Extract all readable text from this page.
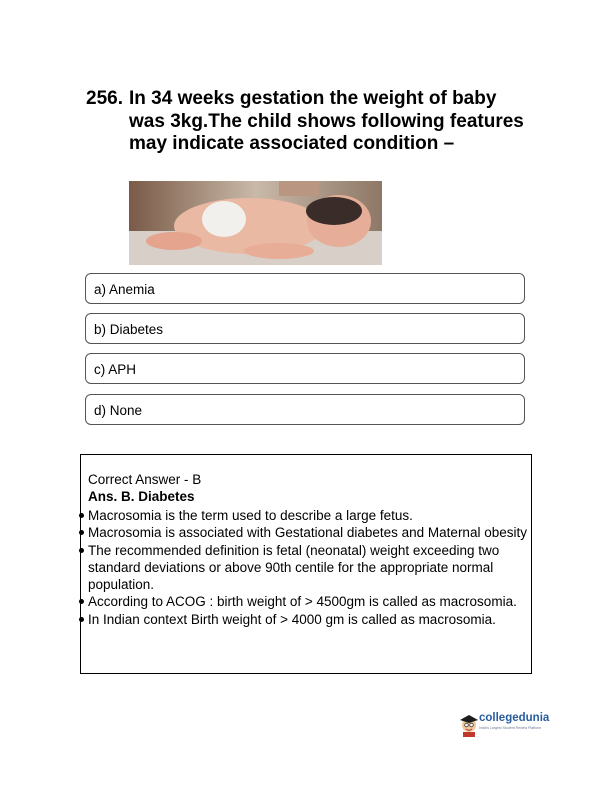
256. In 34 weeks gestation the weight of baby was 3kg.The child shows following features may indicate associated condition –
a) Anemia
b) Diabetes
c) APH
d) None
Correct Answer - B
Ans. B. Diabetes
Macrosomia is the term used to describe a large fetus.
Macrosomia is associated with Gestational diabetes and Maternal obesity
The recommended definition is fetal (neonatal) weight exceeding two standard deviations or above 90th centile for the appropriate normal population.
According to ACOG : birth weight of > 4500gm is called as macrosomia.
In Indian context Birth weight of > 4000 gm is called as macrosomia.
collegedunia
India's Largest Student Review Platform
